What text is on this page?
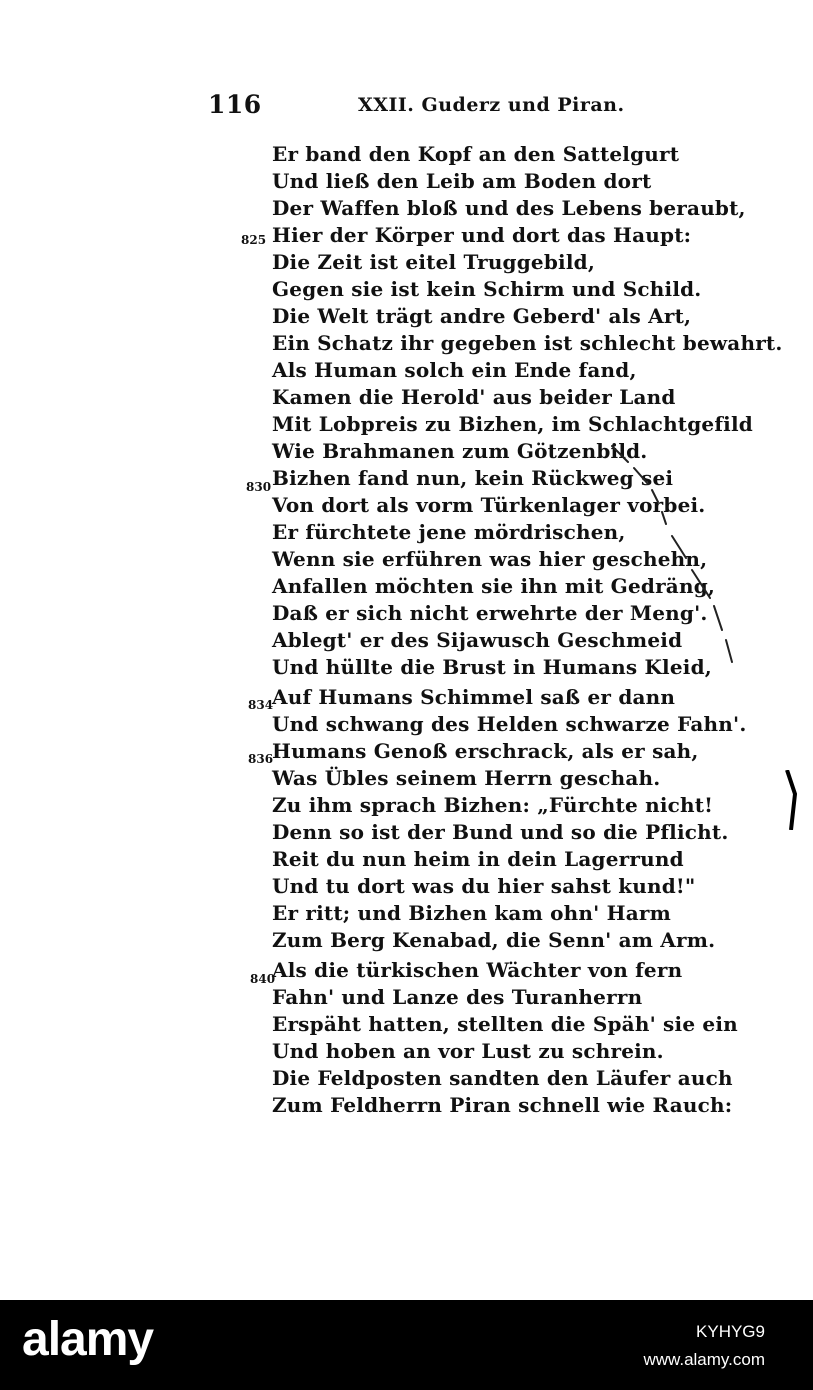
116	XXII. Guderz und Piran.
825
830
834
836
840
Er band den Kopf an den Sattelgurt
Und ließ den Leib am Boden dort
Der Waffen bloß und des Lebens beraubt,
Hier der Körper und dort das Haupt:
Die Zeit ist eitel Truggebild,
Gegen sie ist kein Schirm und Schild.
Die Welt trägt andre Geberd' als Art,
Ein Schatz ihr gegeben ist schlecht bewahrt.
Als Human solch ein Ende fand,
Kamen die Herold' aus beider Land
Mit Lobpreis zu Bizhen, im Schlachtgefild
Wie Brahmanen zum Götzenbild.
Bizhen fand nun, kein Rückweg sei
Von dort als vorm Türkenlager vorbei.
Er fürchtete jene mördrischen,
Wenn sie erführen was hier geschehn,
Anfallen möchten sie ihn mit Gedräng,
Daß er sich nicht erwehrte der Meng'.
Ablegt' er des Sijawusch Geschmeid
Und hüllte die Brust in Humans Kleid,
Auf Humans Schimmel saß er dann
Und schwang des Helden schwarze Fahn'.
Humans Genoß erschrack, als er sah,
Was Übles seinem Herrn geschah.
Zu ihm sprach Bizhen: „Fürchte nicht!
Denn so ist der Bund und so die Pflicht.
Reit du nun heim in dein Lagerrund
Und tu dort was du hier sahst kund!"
Er ritt; und Bizhen kam ohn' Harm
Zum Berg Kenabad, die Senn' am Arm.
Als die türkischen Wächter von fern
Fahn' und Lanze des Turanherrn
Erspäht hatten, stellten die Späh' sie ein
Und hoben an vor Lust zu schrein.
Die Feldposten sandten den Läufer auch
Zum Feldherrn Piran schnell wie Rauch:
alamy	KYHYG9
www.alamy.com
